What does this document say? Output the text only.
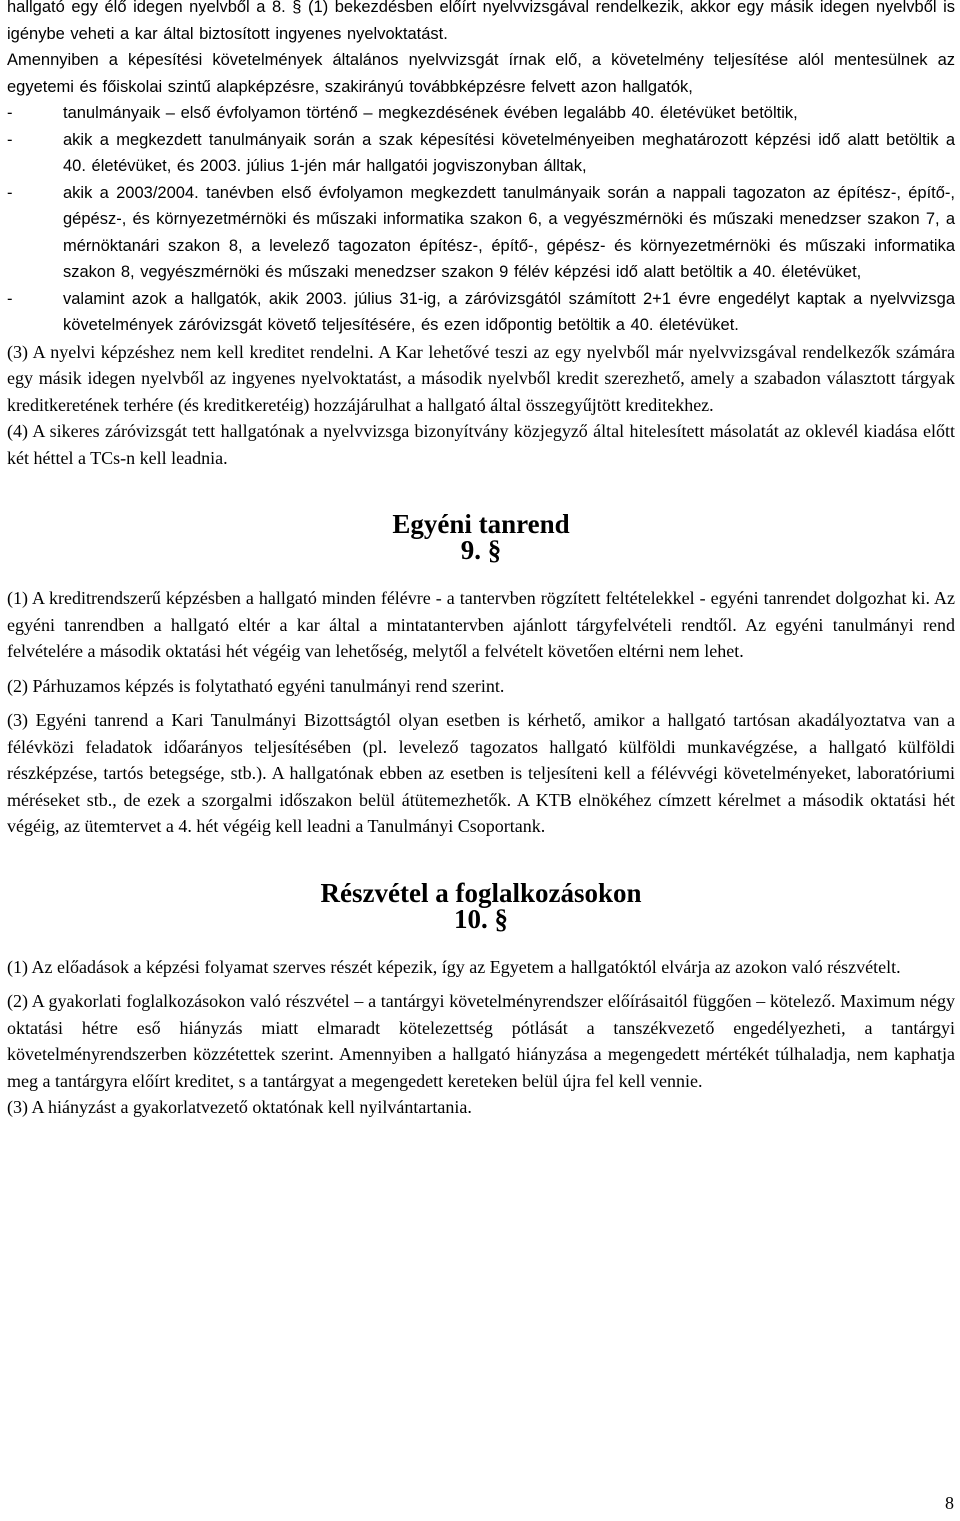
hallgató egy élő idegen nyelvből a 8. § (1) bekezdésben előírt nyelvvizsgával rendelkezik, akkor egy másik idegen nyelvből is igénybe veheti a kar által biztosított ingyenes nyelvoktatást.

Amennyiben a képesítési követelmények általános nyelvvizsgát írnak elő, a követelmény teljesítése alól mentesülnek az egyetemi és főiskolai szintű alapképzésre, szakirányú továbbképzésre felvett azon hallgatók,

-	tanulmányaik – első évfolyamon történő – megkezdésének évében legalább 40. életévüket betöltik,
-	akik a megkezdett tanulmányaik során a szak képesítési követelményeiben meghatározott képzési idő alatt betöltik a 40. életévüket, és 2003. július 1-jén már hallgatói jogviszonyban álltak,
-	akik a 2003/2004. tanévben első évfolyamon megkezdett tanulmányaik során a nappali tagozaton az építész-, építő-, gépész-, és környezetmérnöki és műszaki informatika szakon 6, a vegyészmérnöki és műszaki menedzser szakon 7, a mérnöktanári szakon 8, a levelező tagozaton építész-, építő-, gépész- és környezetmérnöki és műszaki informatika szakon 8, vegyészmérnöki és műszaki menedzser szakon 9 félév képzési idő alatt betöltik a 40. életévüket,
-	valamint azok a hallgatók, akik 2003. július 31-ig, a záróvizsgától számított 2+1 évre engedélyt kaptak a nyelvvizsga követelmények záróvizsgát követő teljesítésére, és ezen időpontig betöltik a 40. életévüket.

(3) A nyelvi képzéshez nem kell kreditet rendelni. A Kar lehetővé teszi az egy nyelvből már nyelvvizsgával rendelkezők számára egy másik idegen nyelvből az ingyenes nyelvoktatást, a második nyelvből kredit szerezhető, amely a szabadon választott tárgyak kreditkeretének terhére (és kreditkeretéig) hozzájárulhat a hallgató által összegyűjtött kreditekhez.

(4) A sikeres záróvizsgát tett hallgatónak a nyelvvizsga bizonyítvány közjegyző által hitelesített másolatát az oklevél kiadása előtt két héttel a TCs-n kell leadnia.

Egyéni tanrend
9. §

(1) A kreditrendszerű képzésben a hallgató minden félévre - a tantervben rögzített feltételekkel - egyéni tanrendet dolgozhat ki. Az egyéni tanrendben a hallgató eltér a kar által a mintatantervben ajánlott tárgyfelvételi rendtől. Az egyéni tanulmányi rend felvételére a második oktatási hét végéig van lehetőség, melytől a felvételt követően eltérni nem lehet.

(2) Párhuzamos képzés is folytatható egyéni tanulmányi rend szerint.

(3) Egyéni tanrend a Kari Tanulmányi Bizottságtól olyan esetben is kérhető, amikor a hallgató tartósan akadályoztatva van a félévközi feladatok időarányos teljesítésében (pl. levelező tagozatos hallgató külföldi munkavégzése, a hallgató külföldi részképzése, tartós betegsége, stb.). A hallgatónak ebben az esetben is teljesíteni kell a félévvégi követelményeket, laboratóriumi méréseket stb., de ezek a szorgalmi időszakon belül átütemezhetők. A KTB elnökéhez címzett kérelmet a második oktatási hét végéig, az ütemtervet a 4. hét végéig kell leadni a Tanulmányi Csoportank.

Részvétel a foglalkozásokon
10. §

(1) Az előadások a képzési folyamat szerves részét képezik, így az Egyetem a hallgatóktól elvárja az azokon való részvételt.

(2) A gyakorlati foglalkozásokon való részvétel – a tantárgyi követelményrendszer előírásaitól függően – kötelező. Maximum négy oktatási hétre eső hiányzás miatt elmaradt kötelezettség pótlását a tanszékvezető engedélyezheti, a tantárgyi követelményrendszerben közzétettek szerint. Amennyiben a hallgató hiányzása a megengedett mértékét túlhaladja, nem kaphatja meg a tantárgyra előírt kreditet, s a tantárgyat a megengedett kereteken belül újra fel kell vennie.

(3) A hiányzást a gyakorlatvezető oktatónak kell nyilvántartania.

8
